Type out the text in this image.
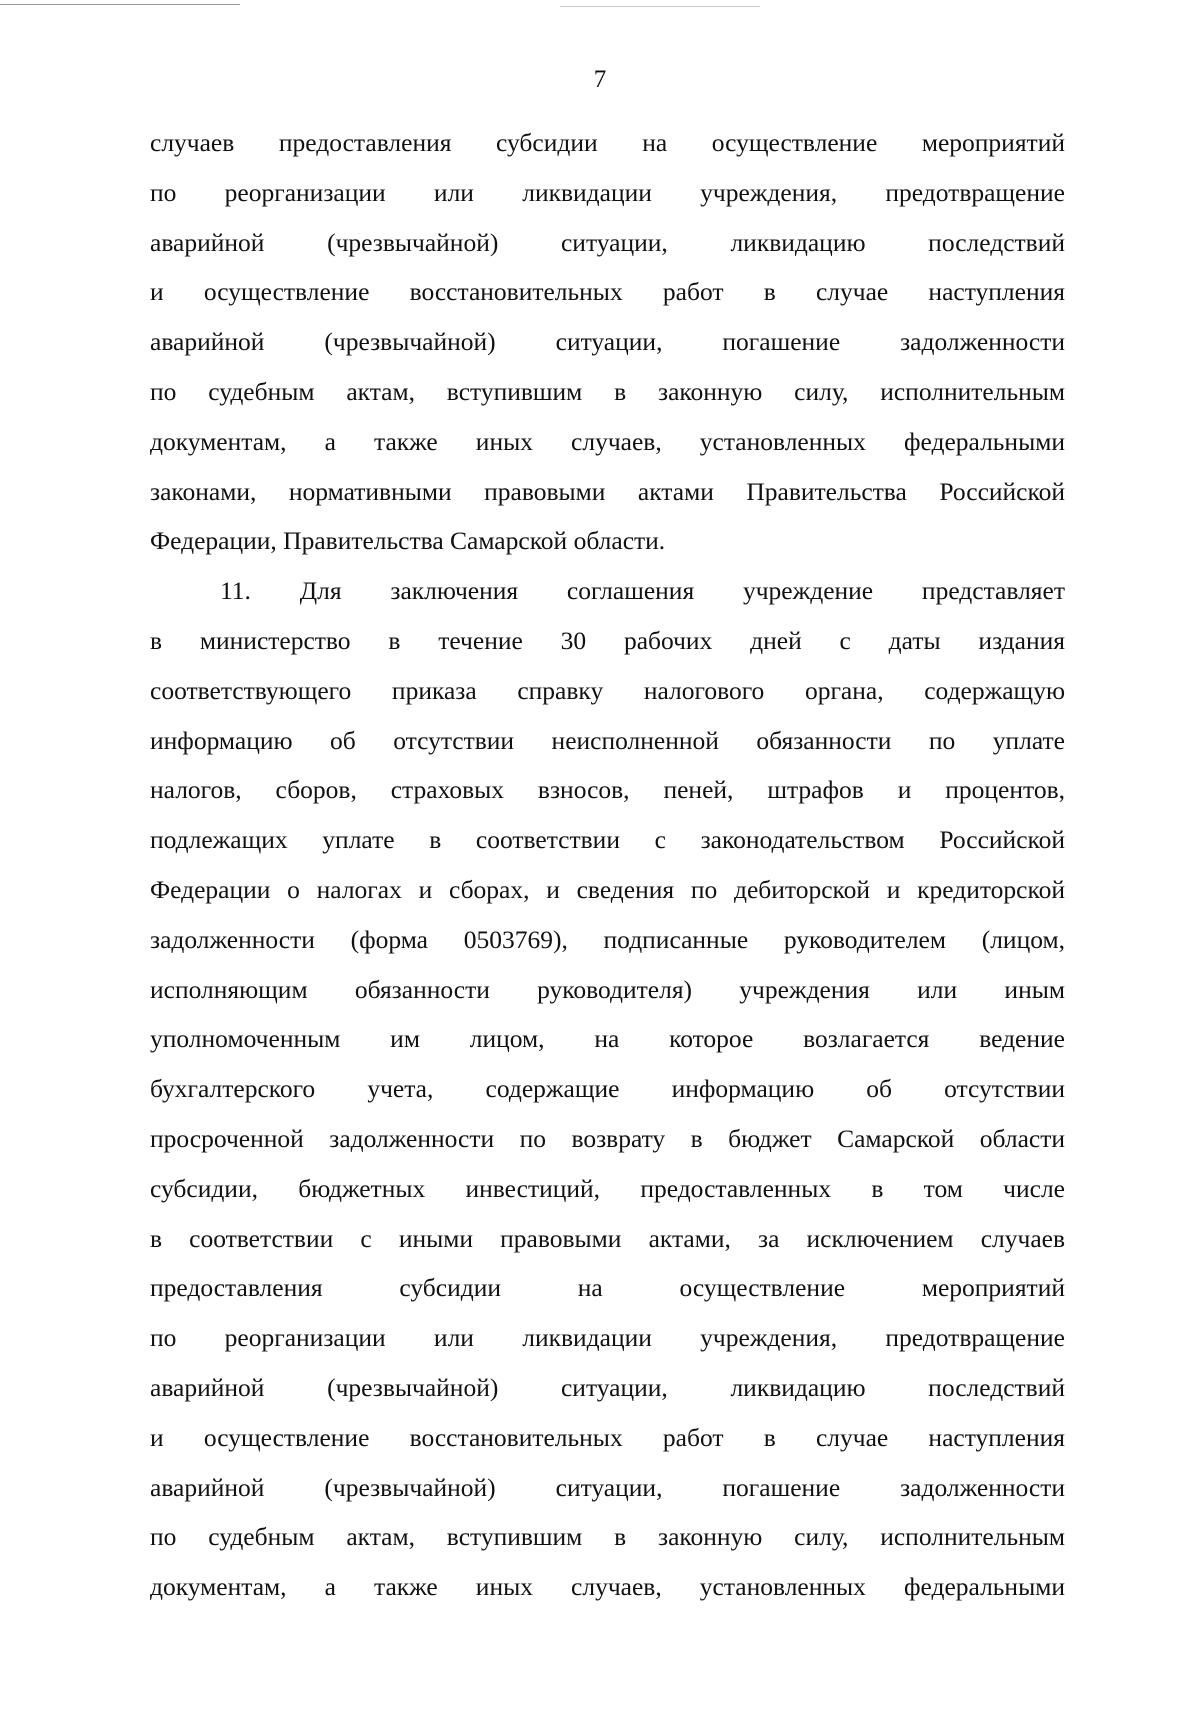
7
случаев предоставления субсидии на осуществление мероприятий
по реорганизации или ликвидации учреждения, предотвращение
аварийной (чрезвычайной) ситуации, ликвидацию последствий
и осуществление восстановительных работ в случае наступления
аварийной (чрезвычайной) ситуации, погашение задолженности
по судебным актам, вступившим в законную силу, исполнительным
документам, а также иных случаев, установленных федеральными
законами, нормативными правовыми актами Правительства Российской
Федерации, Правительства Самарской области.
11. Для заключения соглашения учреждение представляет
в министерство в течение 30 рабочих дней с даты издания
соответствующего приказа справку налогового органа, содержащую
информацию об отсутствии неисполненной обязанности по уплате
налогов, сборов, страховых взносов, пеней, штрафов и процентов,
подлежащих уплате в соответствии с законодательством Российской
Федерации о налогах и сборах, и сведения по дебиторской и кредиторской
задолженности (форма 0503769), подписанные руководителем (лицом,
исполняющим обязанности руководителя) учреждения или иным
уполномоченным им лицом, на которое возлагается ведение
бухгалтерского учета, содержащие информацию об отсутствии
просроченной задолженности по возврату в бюджет Самарской области
субсидии, бюджетных инвестиций, предоставленных в том числе
в соответствии с иными правовыми актами, за исключением случаев
предоставления субсидии на осуществление мероприятий
по реорганизации или ликвидации учреждения, предотвращение
аварийной (чрезвычайной) ситуации, ликвидацию последствий
и осуществление восстановительных работ в случае наступления
аварийной (чрезвычайной) ситуации, погашение задолженности
по судебным актам, вступившим в законную силу, исполнительным
документам, а также иных случаев, установленных федеральными
